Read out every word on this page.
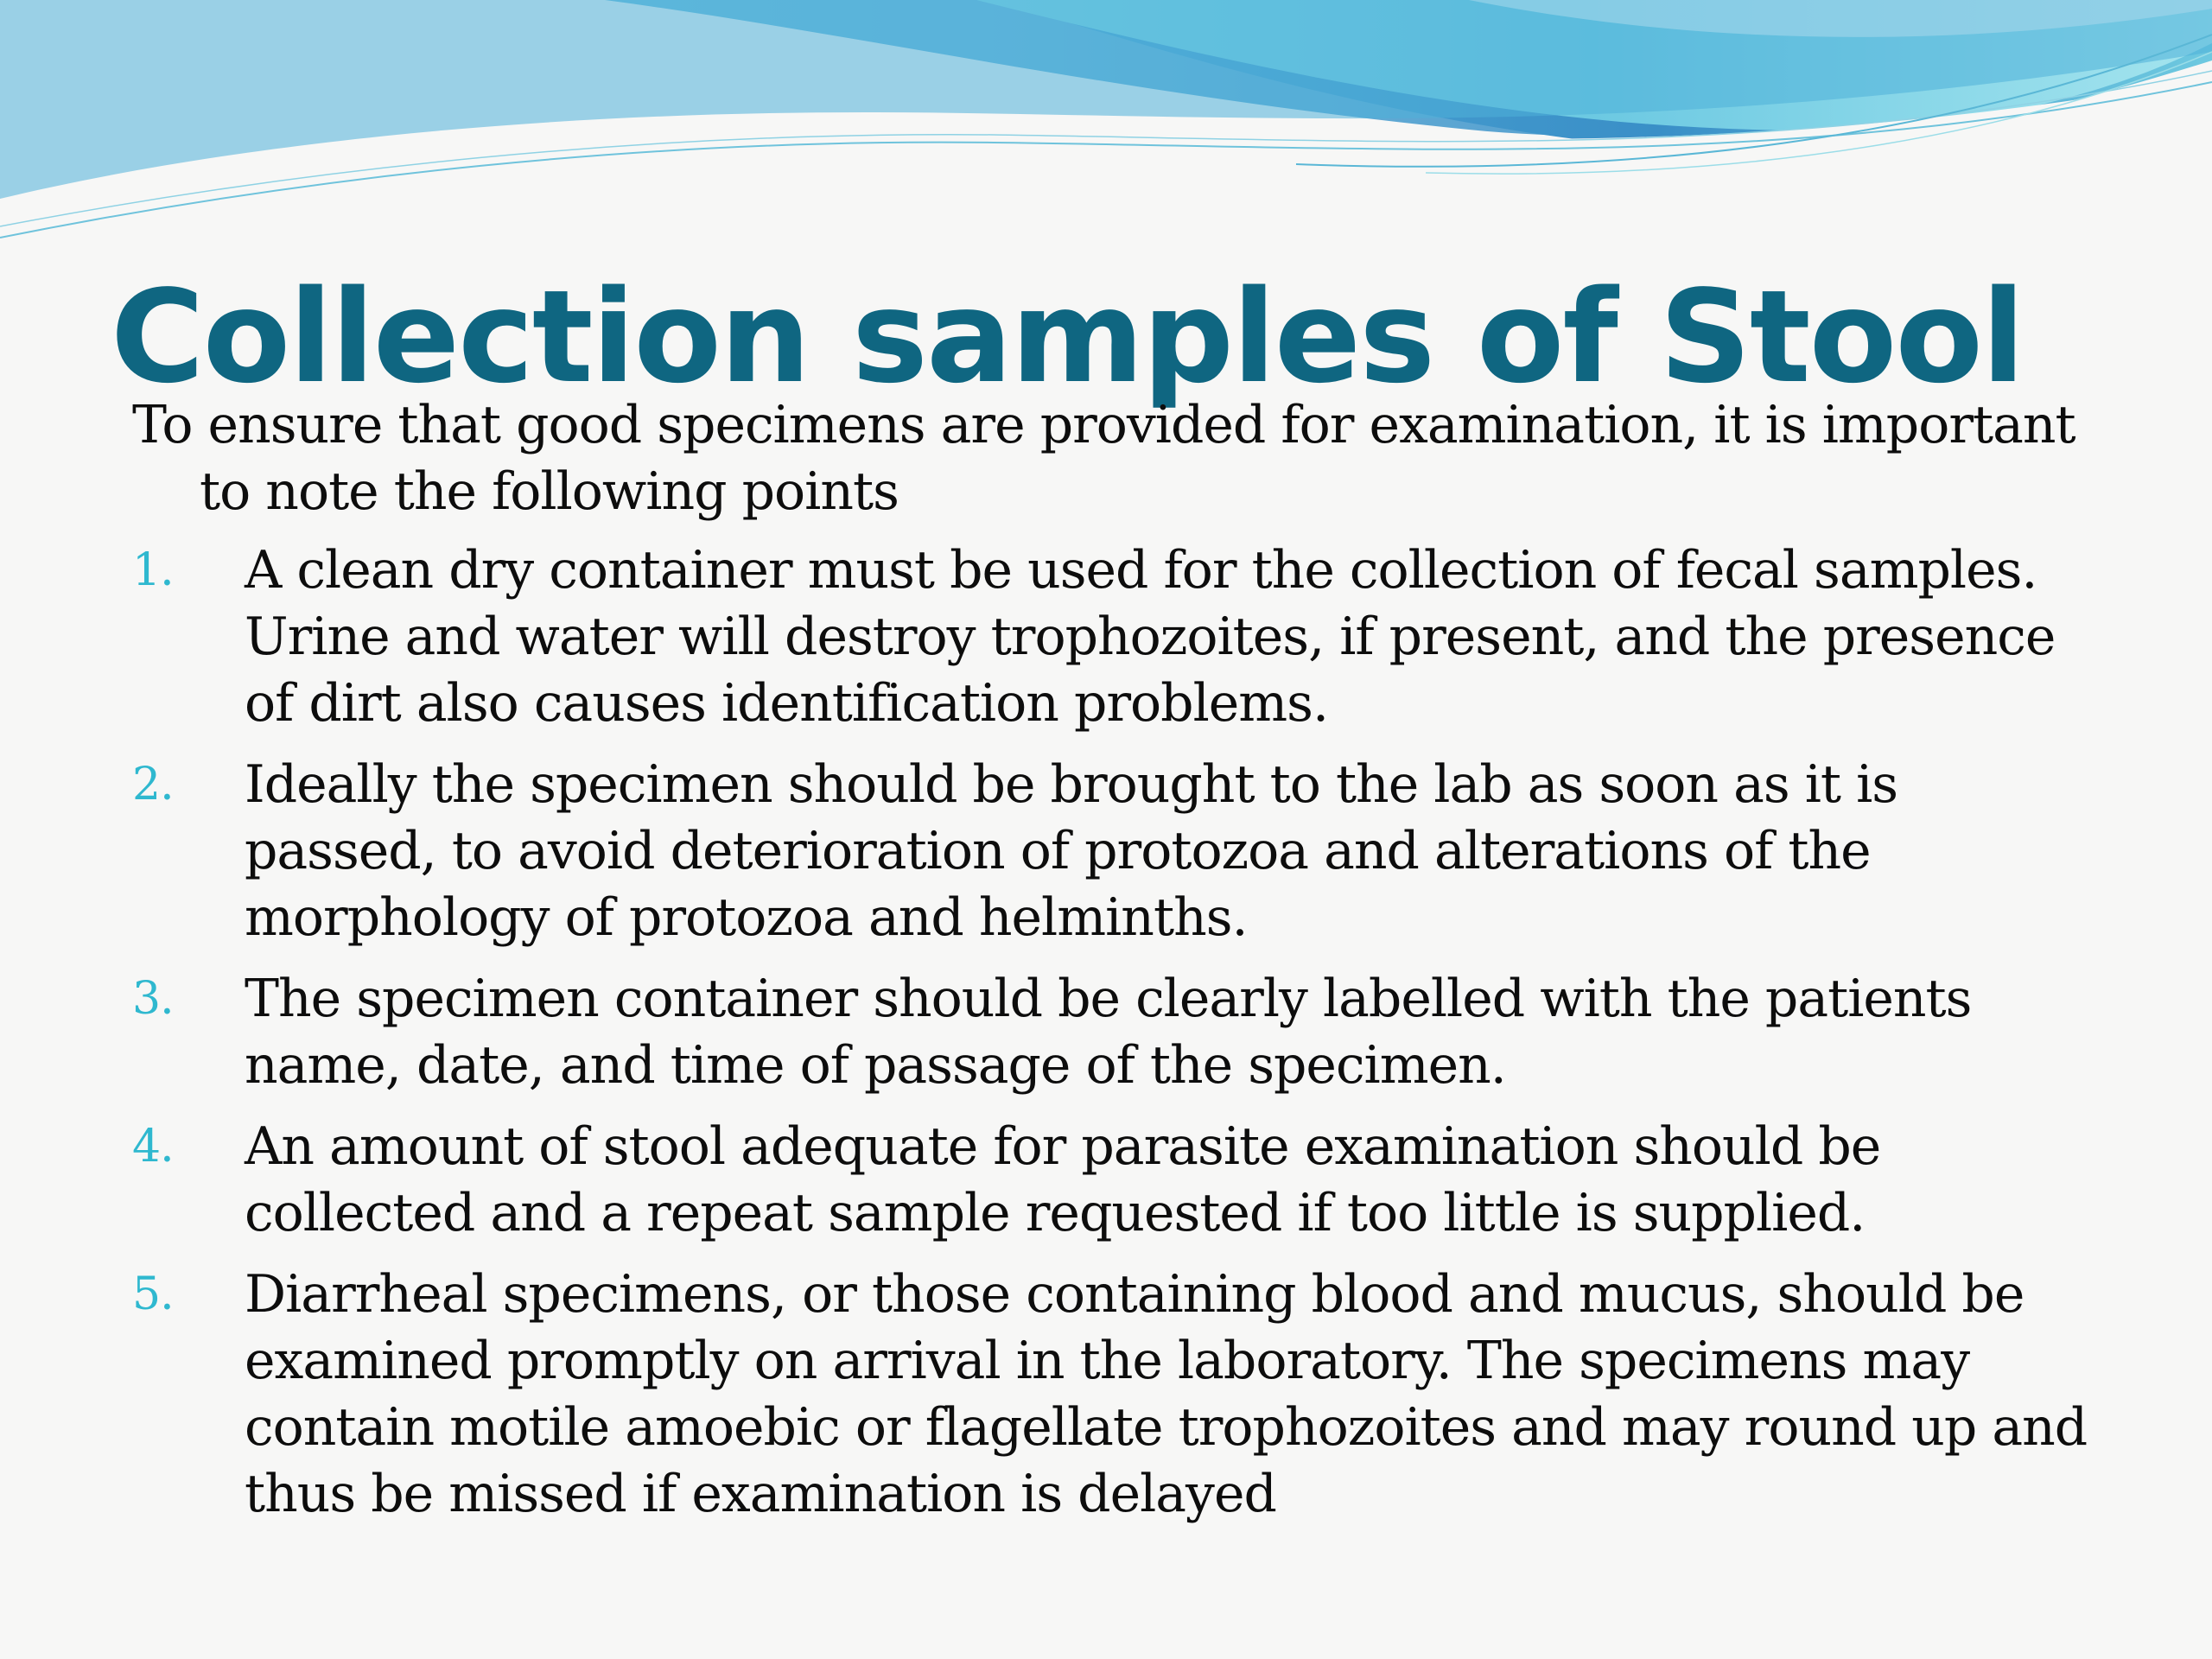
Collection samples of Stool

To ensure that good specimens are provided for examination, it is important to note the following points

1.	A clean dry container must be used for the collection of fecal samples. Urine and water will destroy trophozoites, if present, and the presence of dirt also causes identification problems.
2.	Ideally the specimen should be brought to the lab as soon as it is passed, to avoid deterioration of protozoa and alterations of the morphology of protozoa and helminths.
3.	The specimen container should be clearly labelled with the patients name, date, and time of passage of the specimen.
4.	An amount of stool adequate for parasite examination should be collected and a repeat sample requested if too little is supplied.
5.	Diarrheal specimens, or those containing blood and mucus, should be examined promptly on arrival in the laboratory. The specimens may contain motile amoebic or flagellate trophozoites and may round up and thus be missed if examination is delayed
